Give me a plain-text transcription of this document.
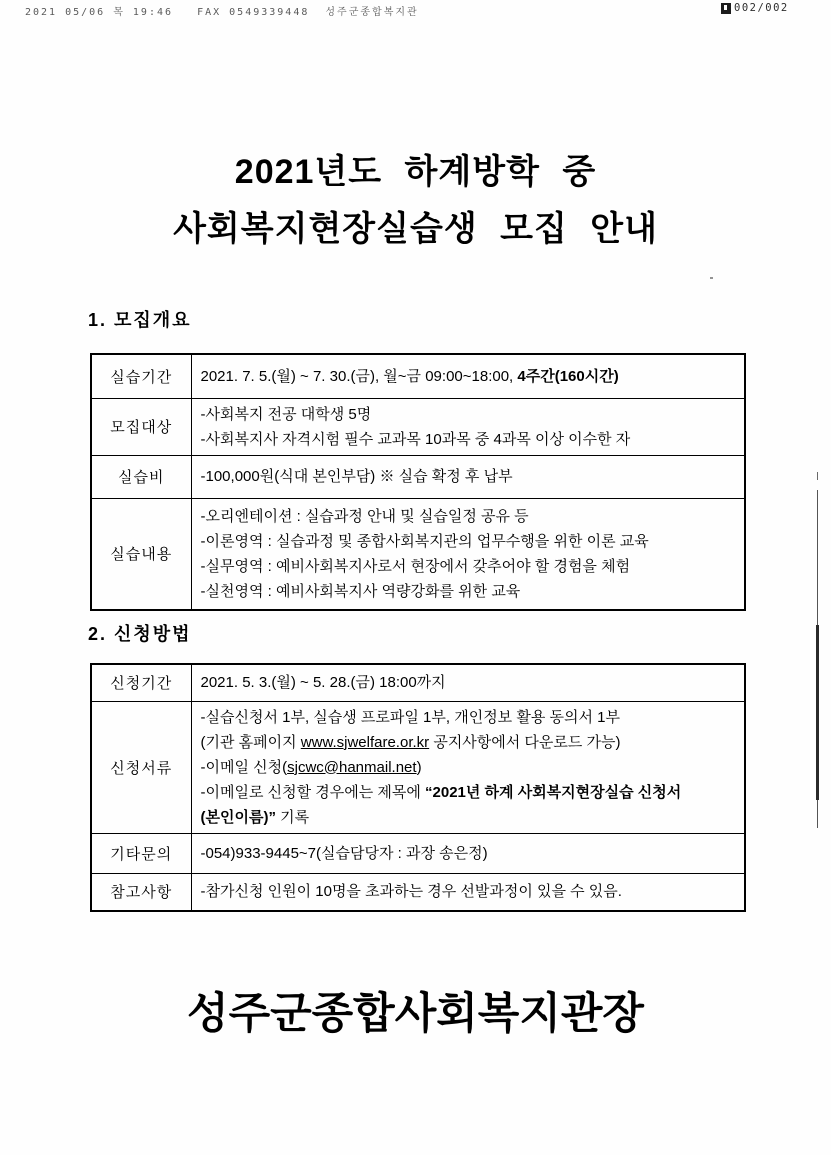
2021 05/06 목 19:46   FAX 0549339448  성주군종합복지관	002/002
2021년도 하계방학 중
사회복지현장실습생 모집 안내
1. 모집개요
실습기간	2021. 7. 5.(월) ~ 7. 30.(금), 월~금 09:00~18:00, 4주간(160시간)

모집대상	-사회복지 전공 대학생 5명
-사회복지사 자격시험 필수 교과목 10과목 중 4과목 이상 이수한 자

실습비	-100,000원(식대 본인부담) ※ 실습 확정 후 납부

실습내용	-오리엔테이션 : 실습과정 안내 및 실습일정 공유 등
-이론영역 : 실습과정 및 종합사회복지관의 업무수행을 위한 이론 교육
-실무영역 : 예비사회복지사로서 현장에서 갖추어야 할 경험을 체험
-실천영역 : 예비사회복지사 역량강화를 위한 교육
2. 신청방법
신청기간	2021. 5. 3.(월) ~ 5. 28.(금) 18:00까지

신청서류	-실습신청서 1부, 실습생 프로파일 1부, 개인정보 활용 동의서 1부
(기관 홈페이지 www.sjwelfare.or.kr 공지사항에서 다운로드 가능)
-이메일 신청(sjcwc@hanmail.net)
-이메일로 신청할 경우에는 제목에 “2021년 하계 사회복지현장실습 신청서
(본인이름)” 기록

기타문의	-054)933-9445~7(실습담당자 : 과장 송은정)

참고사항	-참가신청 인원이 10명을 초과하는 경우 선발과정이 있을 수 있음.
성주군종합사회복지관장
